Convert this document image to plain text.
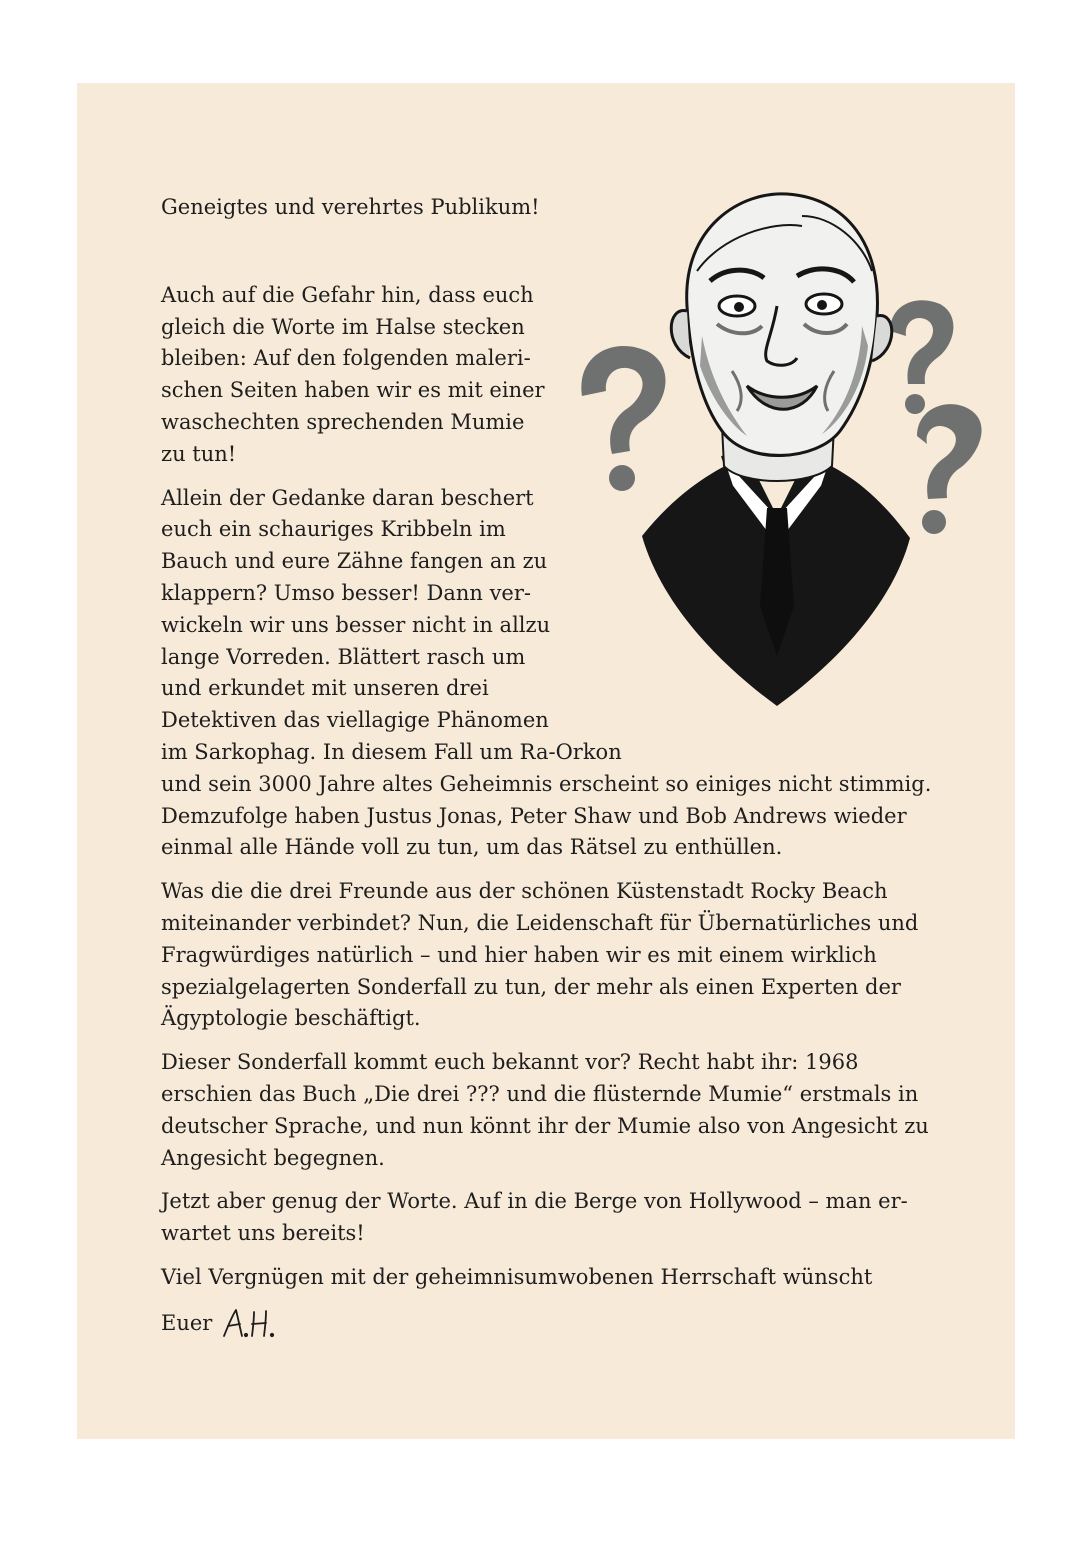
Geneigtes und verehrtes Publikum!

Auch auf die Gefahr hin, dass euch
gleich die Worte im Halse stecken
bleiben: Auf den folgenden maleri-
schen Seiten haben wir es mit einer
waschechten sprechenden Mumie
zu tun!

Allein der Gedanke daran beschert
euch ein schauriges Kribbeln im
Bauch und eure Zähne fangen an zu
klappern? Umso besser! Dann ver-
wickeln wir uns besser nicht in allzu
lange Vorreden. Blättert rasch um
und erkundet mit unseren drei
Detektiven das viellagige Phänomen
im Sarkophag. In diesem Fall um Ra-Orkon
und sein 3000 Jahre altes Geheimnis erscheint so einiges nicht stimmig.
Demzufolge haben Justus Jonas, Peter Shaw und Bob Andrews wieder
einmal alle Hände voll zu tun, um das Rätsel zu enthüllen.

Was die die drei Freunde aus der schönen Küstenstadt Rocky Beach
miteinander verbindet? Nun, die Leidenschaft für Übernatürliches und
Fragwürdiges natürlich – und hier haben wir es mit einem wirklich
spezialgelagerten Sonderfall zu tun, der mehr als einen Experten der
Ägyptologie beschäftigt.

Dieser Sonderfall kommt euch bekannt vor? Recht habt ihr: 1968
erschien das Buch „Die drei ??? und die flüsternde Mumie“ erstmals in
deutscher Sprache, und nun könnt ihr der Mumie also von Angesicht zu
Angesicht begegnen.

Jetzt aber genug der Worte. Auf in die Berge von Hollywood – man er-
wartet uns bereits!

Viel Vergnügen mit der geheimnisumwobenen Herrschaft wünscht

Euer
